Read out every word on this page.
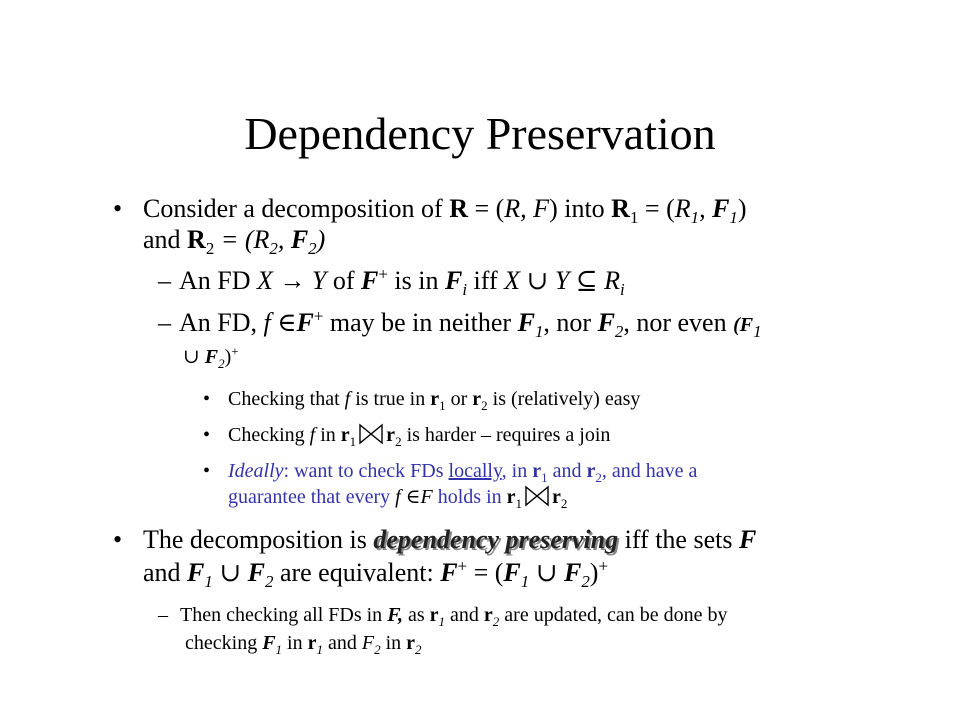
Dependency Preservation
• Consider a decomposition of R = (R, F) into $R_1 = (R_1$, $F_1$)
and $R_2 = (R_2$, $F_2$)
– An FD X → Y of F+ is in $F_i$ iff X ∪ Y ⊆ $R_i$
– An FD, f ∈F+ may be in neither $F_1$, nor $F_2$, nor even ($F_1$
∪ $F_2)^+$
• Checking that f is true in $r_1$ or $r_2$ is (relatively) easy
• Checking f in $r_1$ $r_2$ is harder – requires a join
• Ideally: want to check FDs locally, in $r_1$ and $r_2$, and have a
guarantee that every f ∈F holds in $r_1$ $r_2$
• The decomposition is dependency preserving iff the sets F
and $F_1$ ∪ $F_2$ are equivalent: $F^+ = (F_1$ ∪ $F_2)^+$
– Then checking all FDs in F, as $r_1$ and $r_2$ are updated, can be done by
checking $F_1$ in $r_1$ and $F_2$ in $r_2$
